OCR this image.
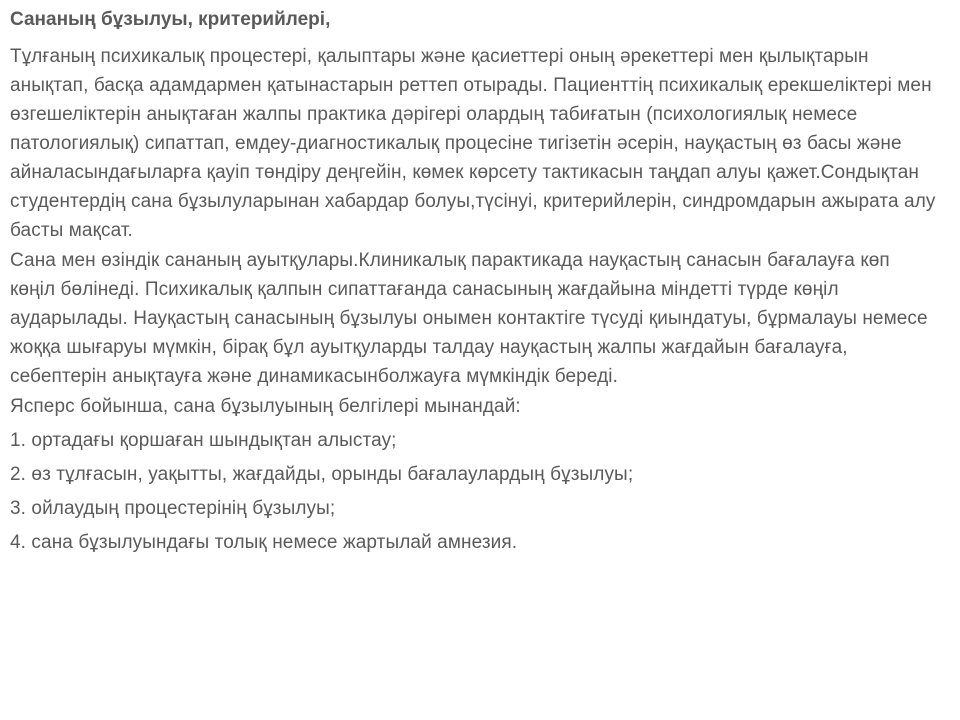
Сананың бұзылуы, критерийлері,
Тұлғаның психикалық процестері, қалыптары және қасиеттері оның әрекеттері мен қылықтарын анықтап, басқа адамдармен қатынастарын реттеп отырады. Пациенттің психикалық ерекшеліктері мен өзгешеліктерін анықтаған жалпы практика дәрігері олардың табиғатын (психологиялық немесе патологиялық) сипаттап, емдеу-диагностикалық процесіне тигізетін әсерін, науқастың өз басы және айналасындағыларға қауіп төндіру деңгейін, көмек көрсету тактикасын таңдап алуы қажет.Сондықтан студентердің сана бұзылуларынан хабардар болуы,түсінуі, критерийлерін, синдромдарын ажырата алу басты мақсат.
Сана мен өзіндік сананың ауытқулары.Клиникалық парактикада науқастың санасын бағалауға көп көңіл бөлінеді. Психикалық қалпын сипаттағанда санасының жағдайына міндетті түрде көңіл аударылады. Науқастың санасының бұзылуы онымен контактіге түсуді қиындатуы, бұрмалауы немесе жоққа шығаруы мүмкін, бірақ бұл ауытқуларды талдау науқастың жалпы жағдайын бағалауға, себептерін анықтауға және динамикасынболжауға мүмкіндік береді.
Ясперс бойынша, сана бұзылуының белгілері мынандай:
1. ортадағы қоршаған шындықтан алыстау;
2. өз тұлғасын, уақытты, жағдайды, орынды бағалаулардың бұзылуы;
3. ойлаудың процестерінің бұзылуы;
4. сана бұзылуындағы толық немесе жартылай амнезия.
